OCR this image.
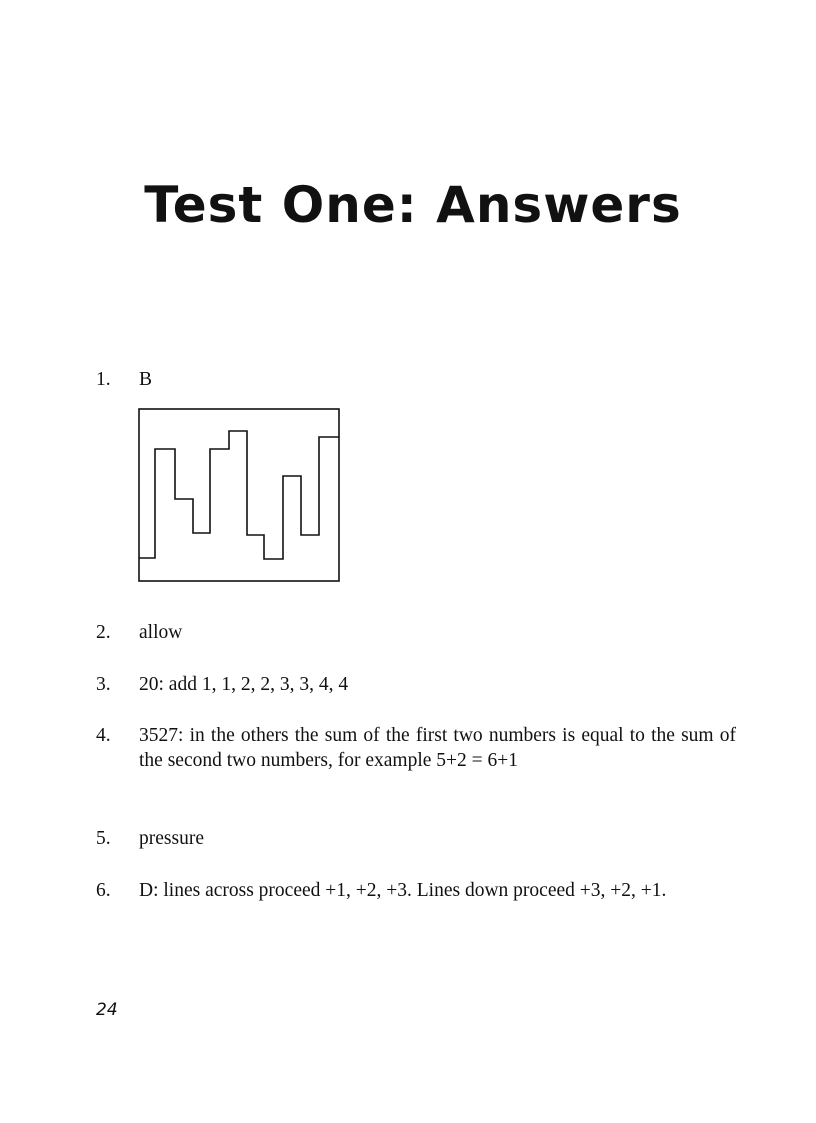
Test One: Answers
1. B
2. allow
3. 20: add 1, 1, 2, 2, 3, 3, 4, 4
4. 3527: in the others the sum of the first two numbers is equal to the sum of the second two numbers, for example 5+2 = 6+1
5. pressure
6. D: lines across proceed +1, +2, +3. Lines down proceed +3, +2, +1.
24
